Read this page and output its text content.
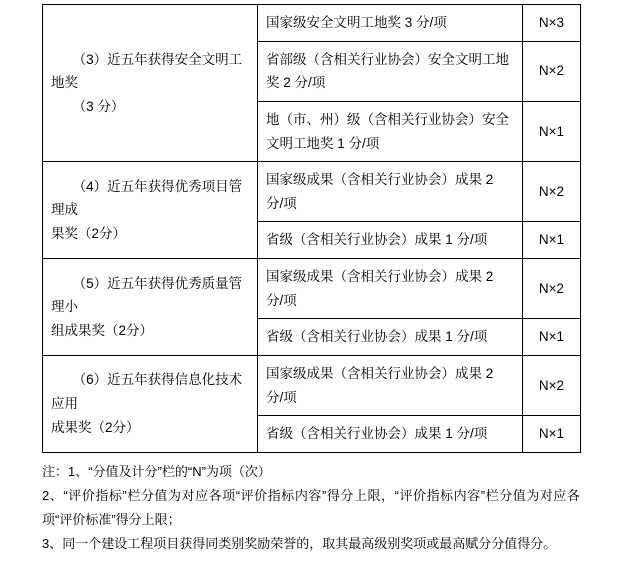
（3）近五年获得安全文明工地奖
（3 分）	国家级安全文明工地奖 3 分/项	N×3
	省部级（含相关行业协会）安全文明工地奖 2 分/项	N×2
	地（市、州）级（含相关行业协会）安全文明工地奖 1 分/项	N×1

（4）近五年获得优秀项目管理成
果奖（2分）	国家级成果（含相关行业协会）成果 2 分/项	N×2
	省级（含相关行业协会）成果 1 分/项	N×1

（5）近五年获得优秀质量管理小
组成果奖（2分）	国家级成果（含相关行业协会）成果 2 分/项	N×2
	省级（含相关行业协会）成果 1 分/项	N×1

（6）近五年获得信息化技术应用
成果奖（2分）	国家级成果（含相关行业协会）成果 2 分/项	N×2
	省级（含相关行业协会）成果 1 分/项	N×1
注：1、“分值及计分”栏的“N”为项（次）
2、“评价指标”栏分值为对应各项“评价指标内容”得分上限，“评价指标内容”栏分值为对应各项“评价标准”得分上限；
3、同一个建设工程项目获得同类别奖励荣誉的，取其最高级别奖项或最高赋分分值得分。
